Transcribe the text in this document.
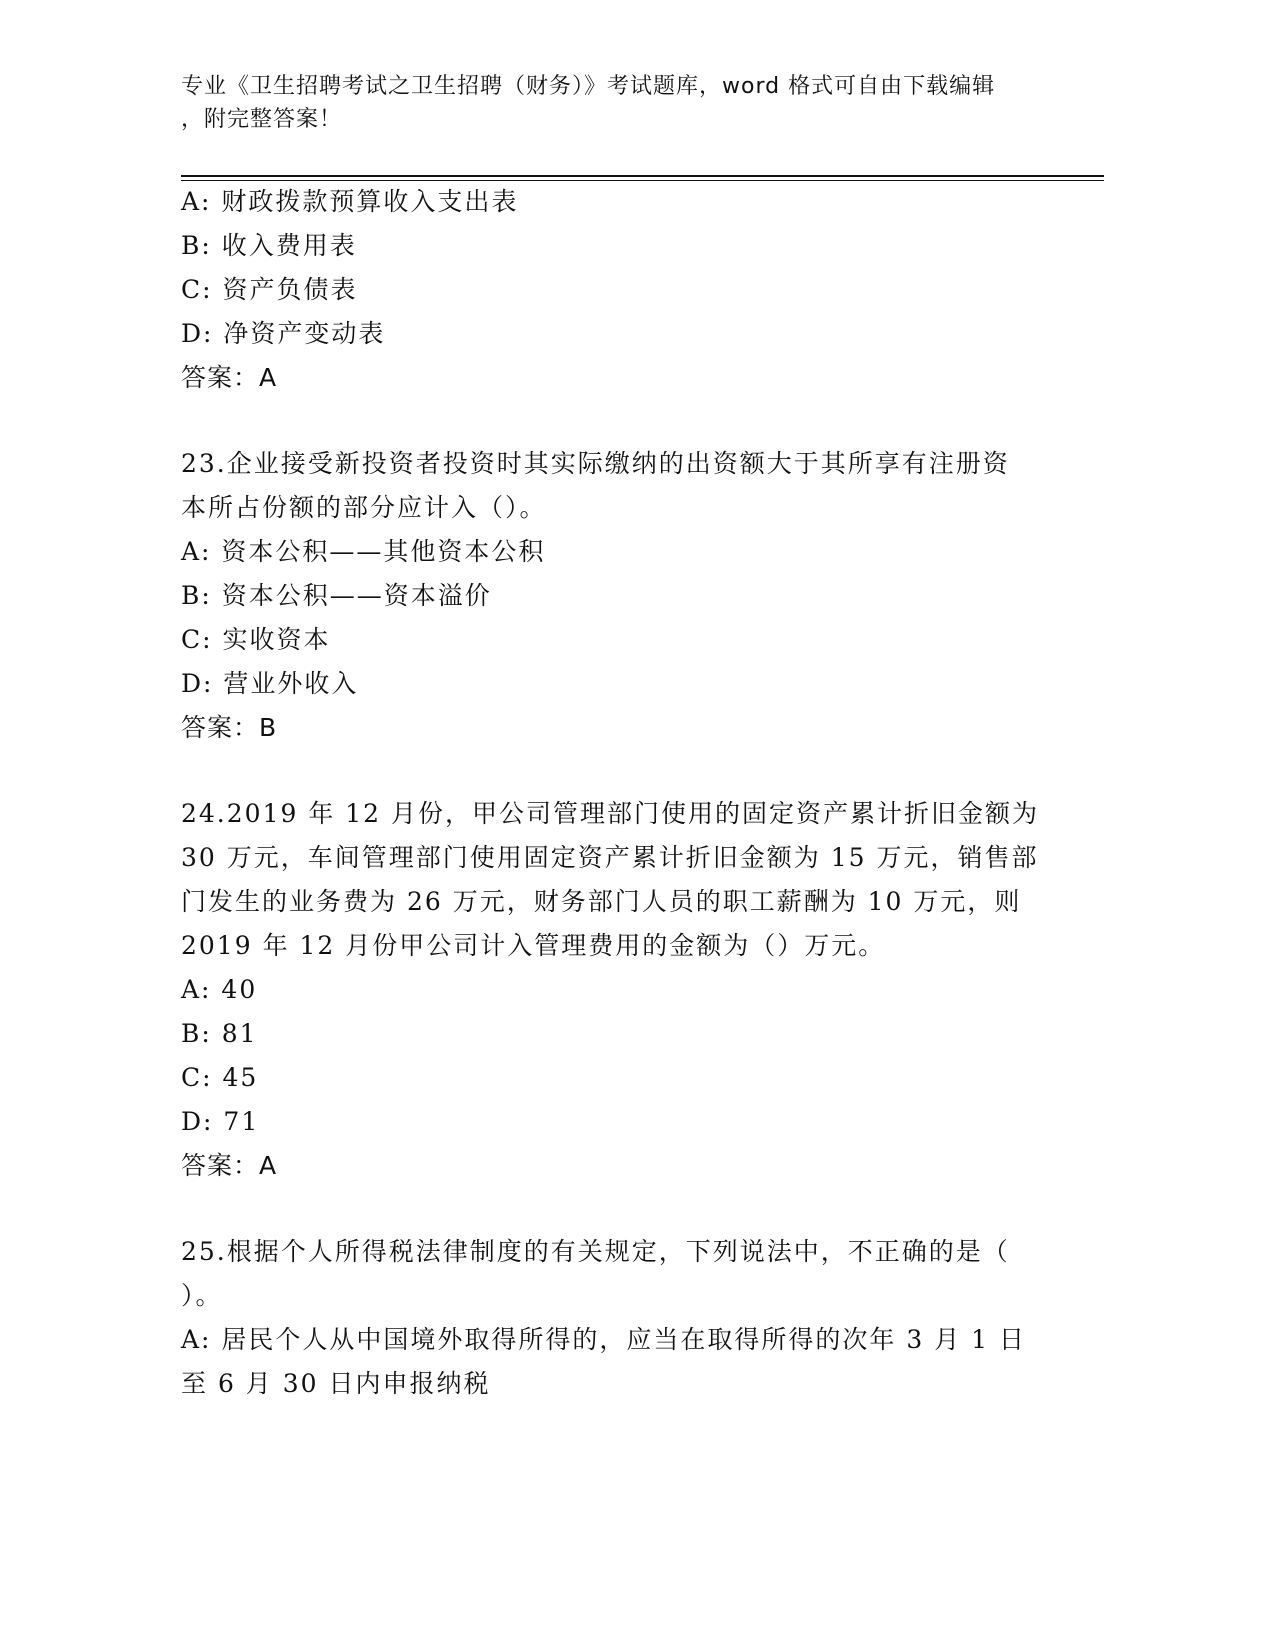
专业《卫生招聘考试之卫生招聘（财务）》考试题库，word 格式可自由下载编辑
，附完整答案！
A: 财政拨款预算收入支出表
B: 收入费用表
C: 资产负债表
D: 净资产变动表
答案：A
23.企业接受新投资者投资时其实际缴纳的出资额大于其所享有注册资
本所占份额的部分应计入（）。
A: 资本公积——其他资本公积
B: 资本公积——资本溢价
C: 实收资本
D: 营业外收入
答案：B
24.2019 年 12 月份，甲公司管理部门使用的固定资产累计折旧金额为
30 万元，车间管理部门使用固定资产累计折旧金额为 15 万元，销售部
门发生的业务费为 26 万元，财务部门人员的职工薪酬为 10 万元，则
2019 年 12 月份甲公司计入管理费用的金额为（）万元。
A: 40
B: 81
C: 45
D: 71
答案：A
25.根据个人所得税法律制度的有关规定，下列说法中，不正确的是（
）。
A: 居民个人从中国境外取得所得的，应当在取得所得的次年 3 月 1 日
至 6 月 30 日内申报纳税
